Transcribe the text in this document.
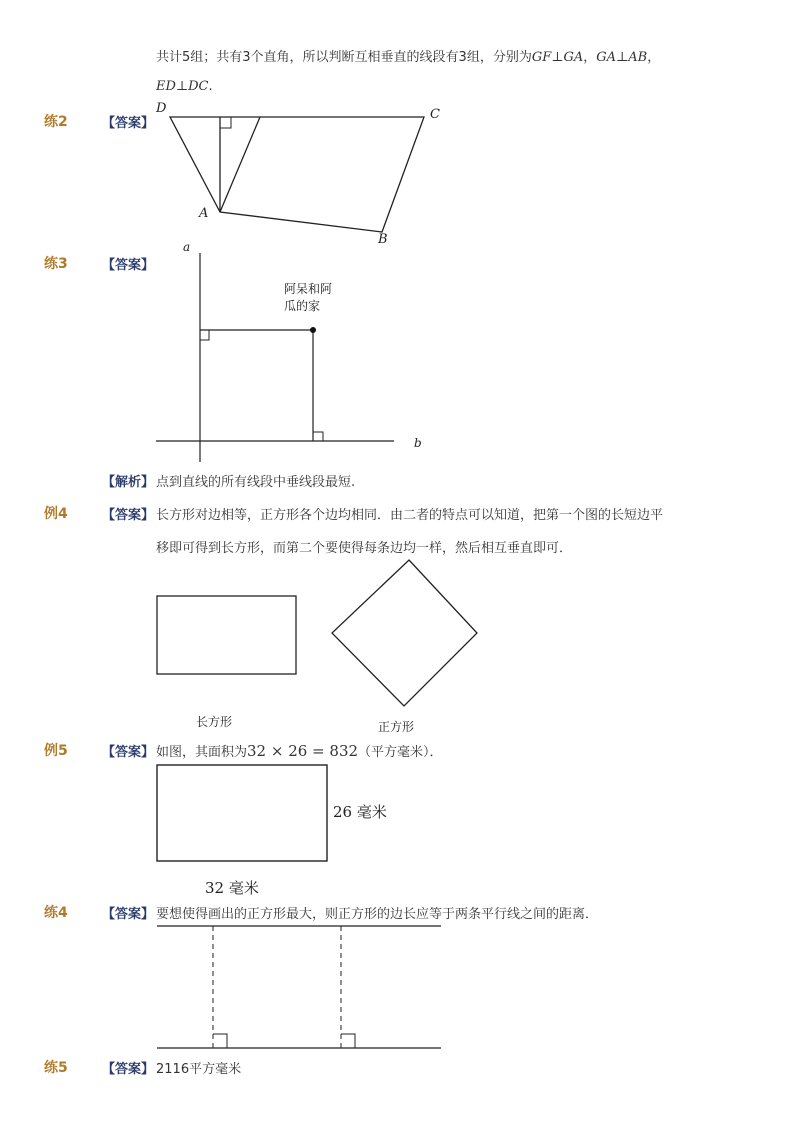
共计5组；共有3个直角，所以判断互相垂直的线段有3组，分别为GF⊥GA，GA⊥AB，
ED⊥DC.
练2	【答案】
D	C
A
B
练3	【答案】
a
b
阿呆和阿
瓜的家
【解析】 点到直线的所有线段中垂线段最短.
例4	【答案】 长方形对边相等，正方形各个边均相同．由二者的特点可以知道，把第一个图的长短边平
移即可得到长方形，而第二个要使得每条边均一样，然后相互垂直即可．
长方形	正方形
例5	【答案】 如图，其面积为32 × 26 = 832（平方毫米）．
26 毫米
32 毫米
练4	【答案】 要想使得画出的正方形最大，则正方形的边长应等于两条平行线之间的距离．
练5	【答案】 2116平方毫米
